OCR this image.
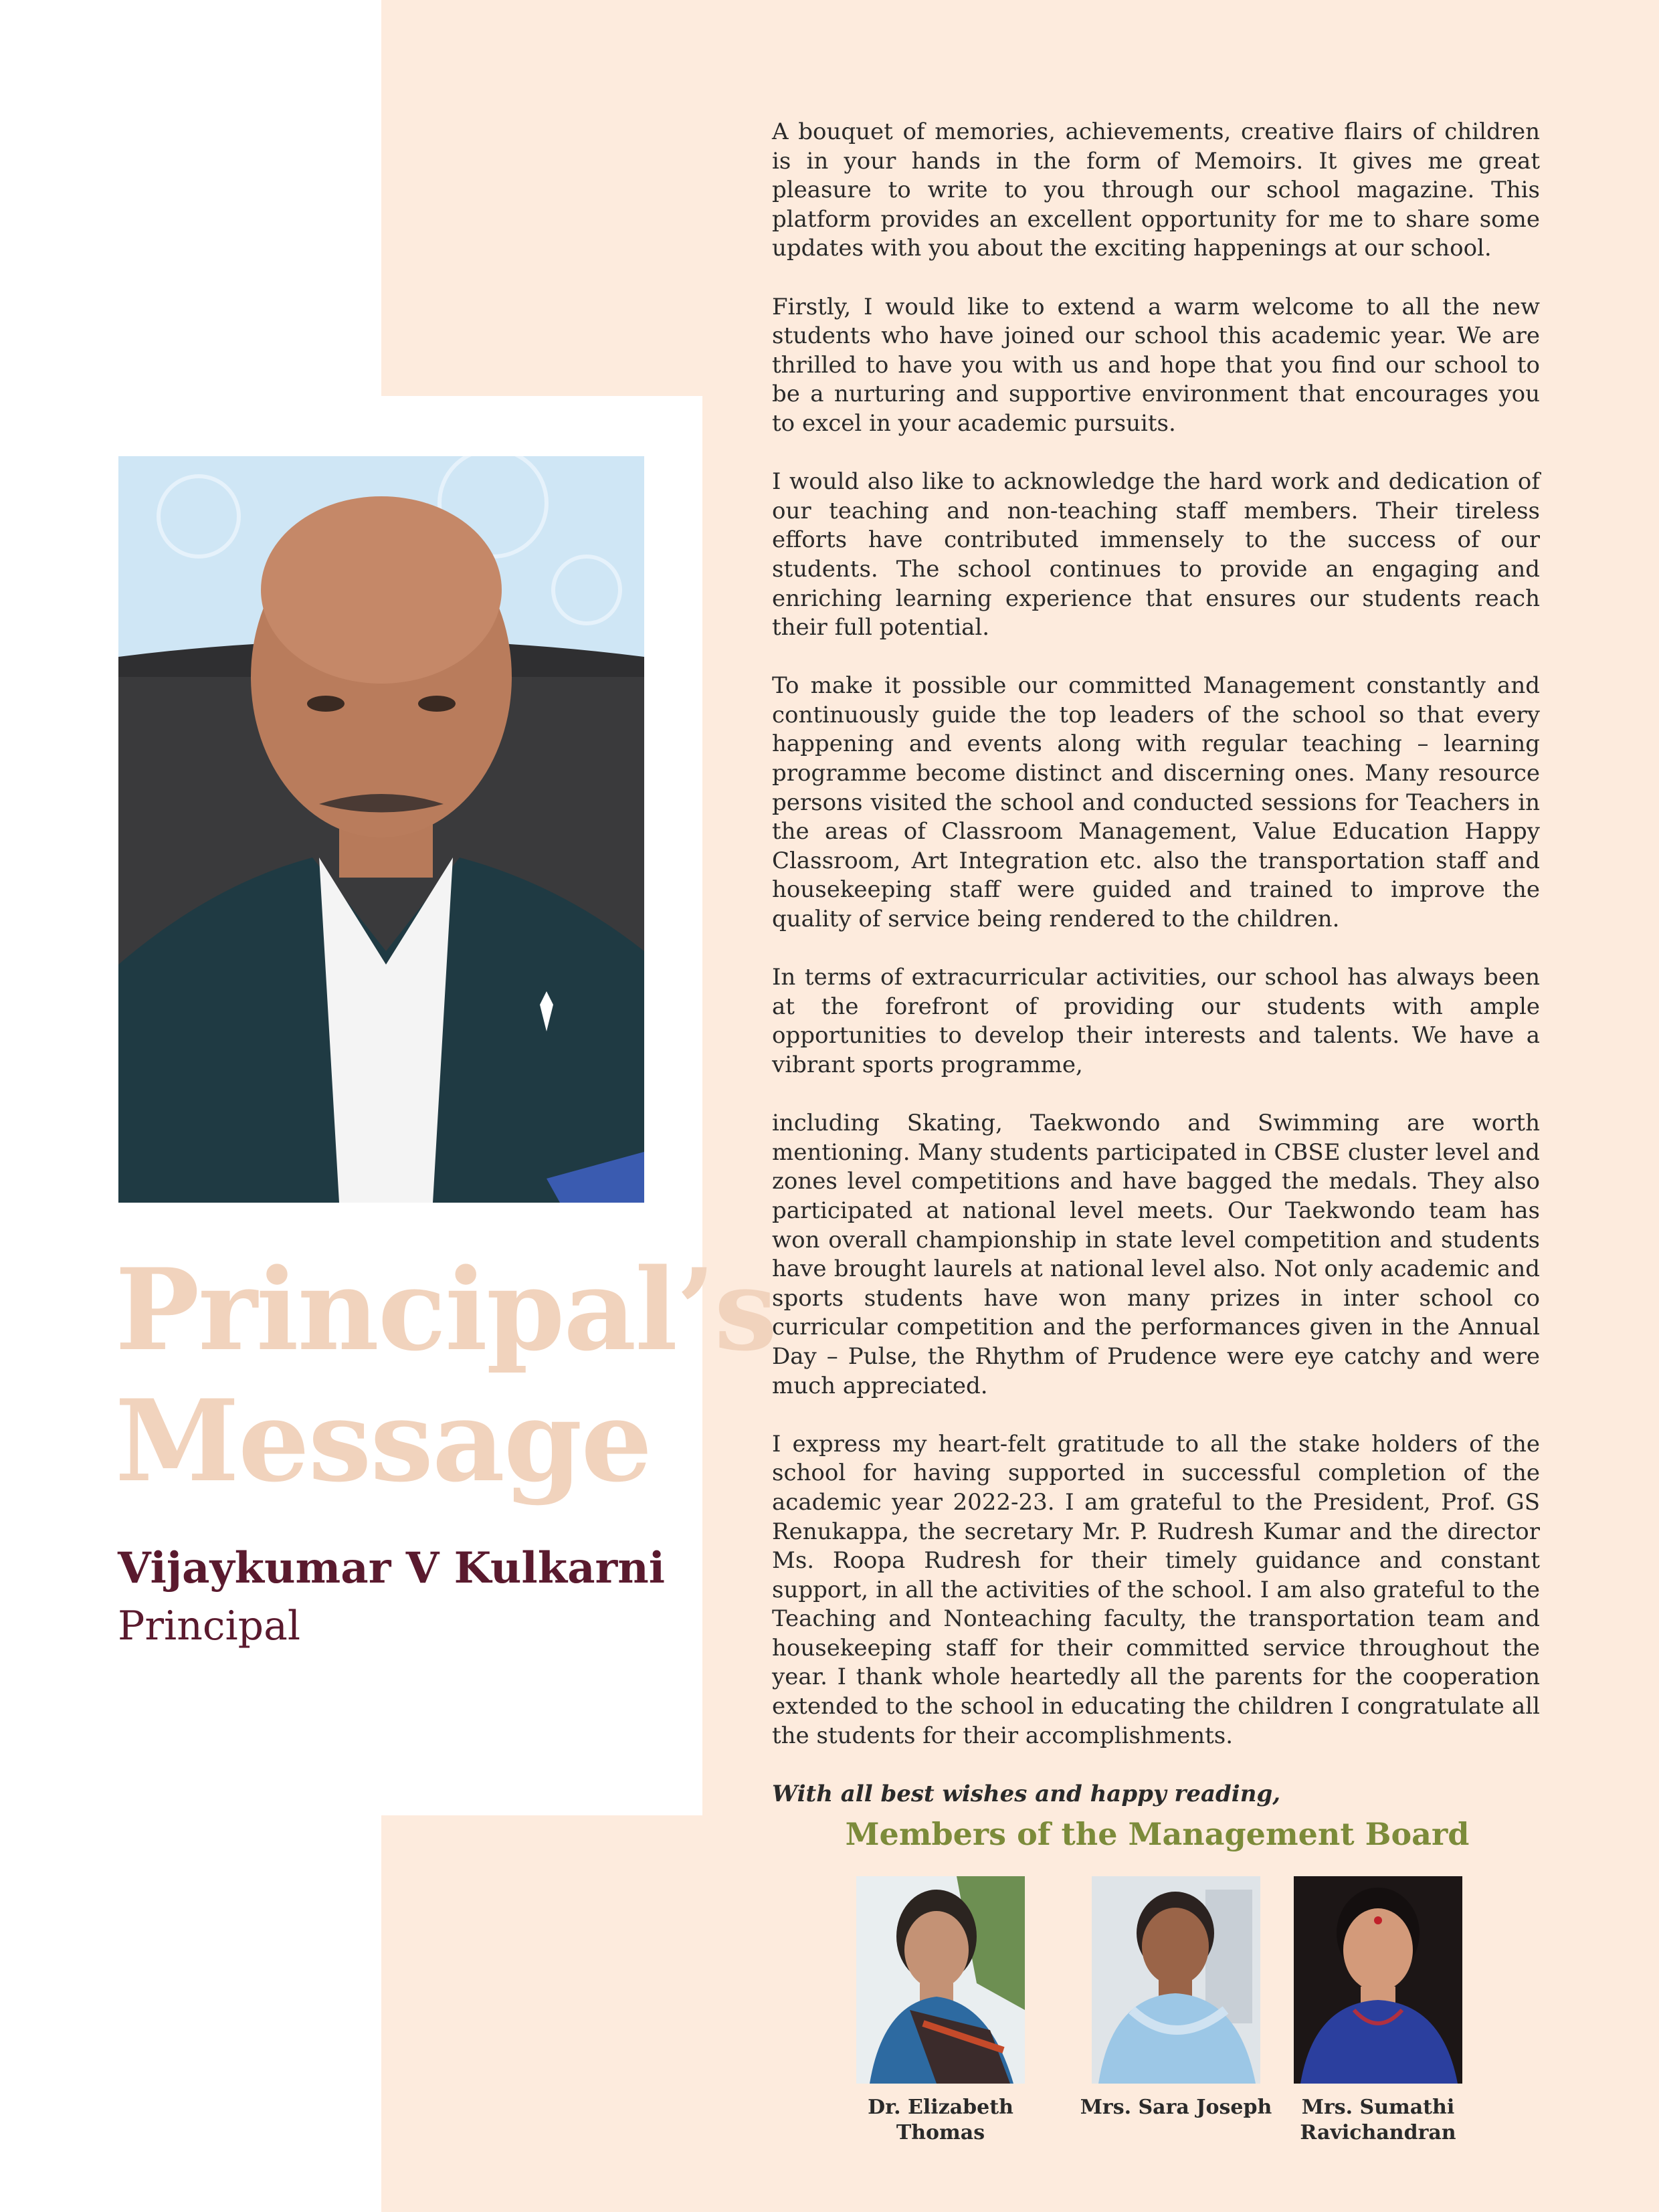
Principal’s
Message
Vijaykumar V Kulkarni
Principal

A bouquet of memories, achievements, creative flairs of children is in your hands in the form of Memoirs. It gives me great pleasure to write to you through our school magazine. This platform provides an excellent opportunity for me to share some updates with you about the exciting happenings at our school.

Firstly, I would like to extend a warm welcome to all the new students who have joined our school this academic year. We are thrilled to have you with us and hope that you find our school to be a nurturing and supportive environment that encourages you to excel in your academic pursuits.

I would also like to acknowledge the hard work and dedication of our teaching and non-teaching staff members. Their tireless efforts have contributed immensely to the success of our students. The school continues to provide an engaging and enriching learning experience that ensures our students reach their full potential.

To make it possible our committed Management constantly and continuously guide the top leaders of the school so that every happening and events along with regular teaching – learning programme become distinct and discerning ones. Many resource persons visited the school and conducted sessions for Teachers in the areas of Classroom Management, Value Education Happy Classroom, Art Integration etc. also the transportation staff and housekeeping staff were guided and trained to improve the quality of service being rendered to the children.

In terms of extracurricular activities, our school has always been at the forefront of providing our students with ample opportunities to develop their interests and talents. We have a vibrant sports programme,

including Skating, Taekwondo and Swimming are worth mentioning. Many students participated in CBSE cluster level and zones level competitions and have bagged the medals. They also participated at national level meets. Our Taekwondo team has won overall championship in state level competition and students have brought laurels at national level also. Not only academic and sports students have won many prizes in inter school co curricular competition and the performances given in the Annual Day – Pulse, the Rhythm of Prudence were eye catchy and were much appreciated.

I express my heart-felt gratitude to all the stake holders of the school for having supported in successful completion of the academic year 2022-23. I am grateful to the President, Prof. GS Renukappa, the secretary Mr. P. Rudresh Kumar and the director Ms. Roopa Rudresh for their timely guidance and constant support, in all the activities of the school. I am also grateful to the Teaching and Nonteaching faculty, the transportation team and housekeeping staff for their committed service throughout the year. I thank whole heartedly all the parents for the cooperation extended to the school in educating the children I congratulate all the students for their accomplishments.

With all best wishes and happy reading,

Members of the Management Board
Dr. Elizabeth Thomas
Mrs. Sara Joseph	Mrs. Sumathi
Ravichandran
